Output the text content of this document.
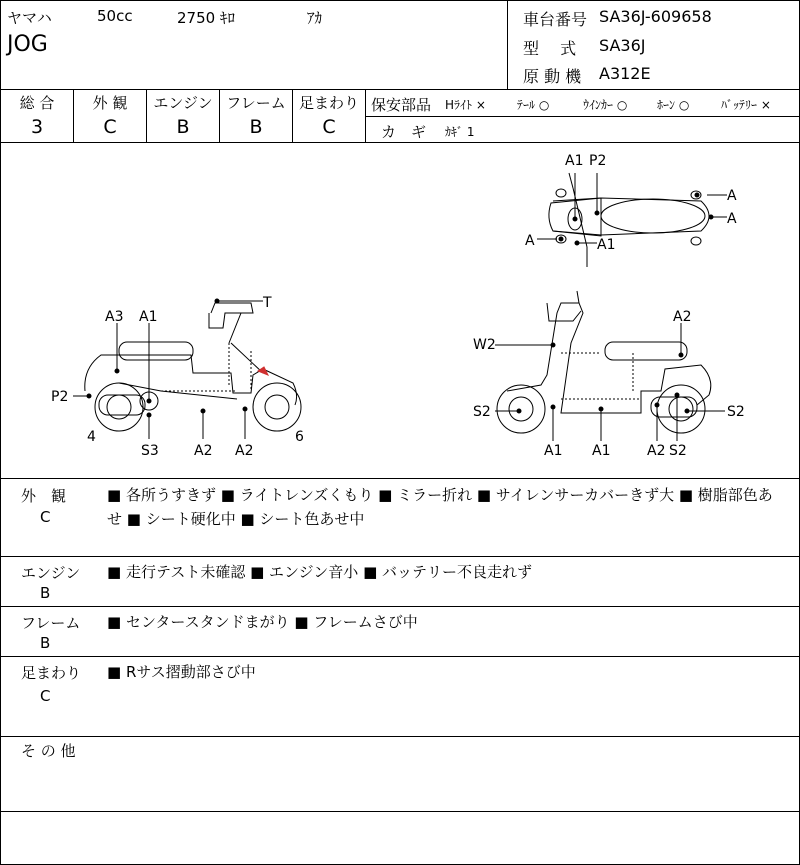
ヤマハ	50cc	2750 ｷﾛ	ｱｶ
JOG
車台番号 SA36J-609658
型　 式 SA36J
原 動 機 A312E
総 合
3
外 観
C
エンジン
B
フレーム
B
足まわり
C
保安部品 Hﾗｲﾄ ×	ﾃｰﾙ ○	ｳｲﾝｶｰ ○ ﾎｰﾝ ○	ﾊﾞｯﾃﾘｰ ×
カ　ギ ｶｷﾞ 1
A1 P2
A
A
A	A1
T
A3 A1
P2
4
S3	A2 A2
6
A2
W2
S2	S2
A1 A1	A2 S2
外　観
C
■ 各所うすきず ■ ライトレンズくもり ■ ミラー折れ ■ サイレンサーカバーきず大 ■ 樹脂部色あせ ■ シート硬化中 ■ シート色あせ中
エンジン
B
■ 走行テスト未確認 ■ エンジン音小 ■ バッテリー不良走れず
フレーム
B
■ センタースタンドまがり ■ フレームさび中
足まわり
C
■ Rサス摺動部さび中
そ の 他
